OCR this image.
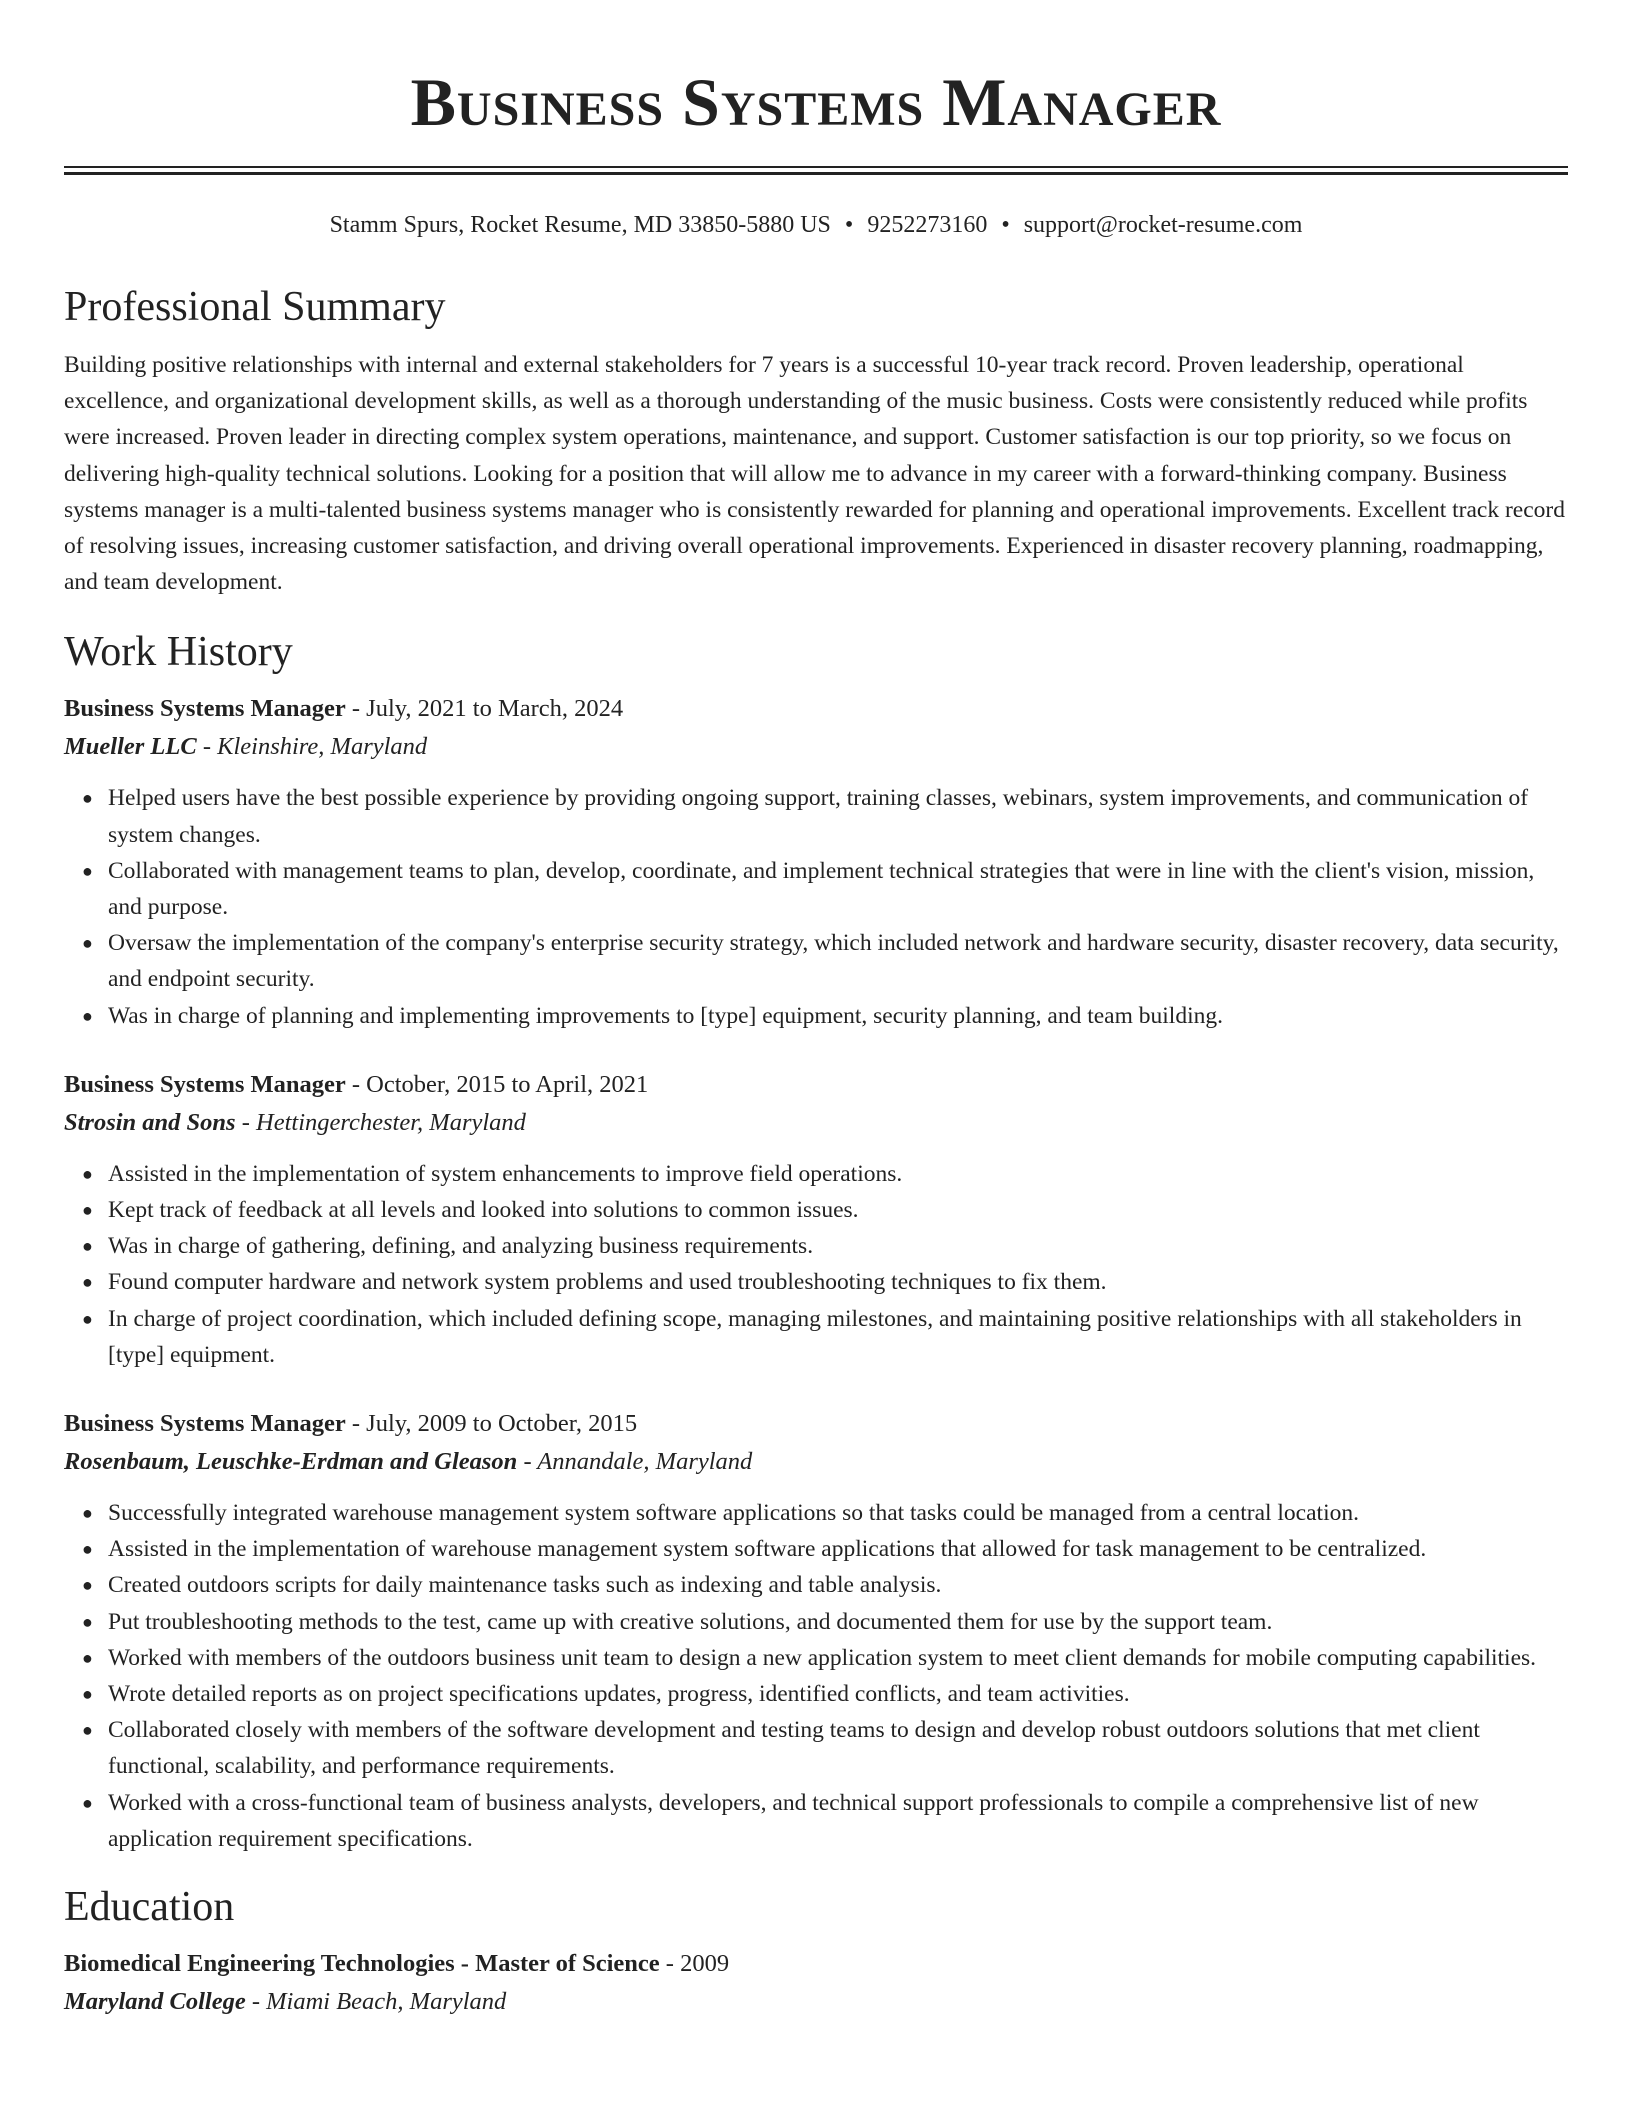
Business Systems Manager
Stamm Spurs, Rocket Resume, MD 33850-5880 US • 9252273160 • support@rocket-resume.com
Professional Summary

Building positive relationships with internal and external stakeholders for 7 years is a successful 10-year track record. Proven leadership, operational excellence, and organizational development skills, as well as a thorough understanding of the music business. Costs were consistently reduced while profits were increased. Proven leader in directing complex system operations, maintenance, and support. Customer satisfaction is our top priority, so we focus on delivering high-quality technical solutions. Looking for a position that will allow me to advance in my career with a forward-thinking company. Business systems manager is a multi-talented business systems manager who is consistently rewarded for planning and operational improvements. Excellent track record of resolving issues, increasing customer satisfaction, and driving overall operational improvements. Experienced in disaster recovery planning, roadmapping, and team development.

Work History
Business Systems Manager - July, 2021 to March, 2024
Mueller LLC - Kleinshire, Maryland
● Helped users have the best possible experience by providing ongoing support, training classes, webinars, system improvements, and communication of system changes.
● Collaborated with management teams to plan, develop, coordinate, and implement technical strategies that were in line with the client's vision, mission, and purpose.
● Oversaw the implementation of the company's enterprise security strategy, which included network and hardware security, disaster recovery, data security, and endpoint security.
● Was in charge of planning and implementing improvements to [type] equipment, security planning, and team building.
Business Systems Manager - October, 2015 to April, 2021
Strosin and Sons - Hettingerchester, Maryland
● Assisted in the implementation of system enhancements to improve field operations.
● Kept track of feedback at all levels and looked into solutions to common issues.
● Was in charge of gathering, defining, and analyzing business requirements.
● Found computer hardware and network system problems and used troubleshooting techniques to fix them.
● In charge of project coordination, which included defining scope, managing milestones, and maintaining positive relationships with all stakeholders in [type] equipment.
Business Systems Manager - July, 2009 to October, 2015
Rosenbaum, Leuschke-Erdman and Gleason - Annandale, Maryland
● Successfully integrated warehouse management system software applications so that tasks could be managed from a central location.
● Assisted in the implementation of warehouse management system software applications that allowed for task management to be centralized.
● Created outdoors scripts for daily maintenance tasks such as indexing and table analysis.
● Put troubleshooting methods to the test, came up with creative solutions, and documented them for use by the support team.
● Worked with members of the outdoors business unit team to design a new application system to meet client demands for mobile computing capabilities.
● Wrote detailed reports as on project specifications updates, progress, identified conflicts, and team activities.
● Collaborated closely with members of the software development and testing teams to design and develop robust outdoors solutions that met client functional, scalability, and performance requirements.
● Worked with a cross-functional team of business analysts, developers, and technical support professionals to compile a comprehensive list of new application requirement specifications.
Education
Biomedical Engineering Technologies - Master of Science - 2009
Maryland College - Miami Beach, Maryland
